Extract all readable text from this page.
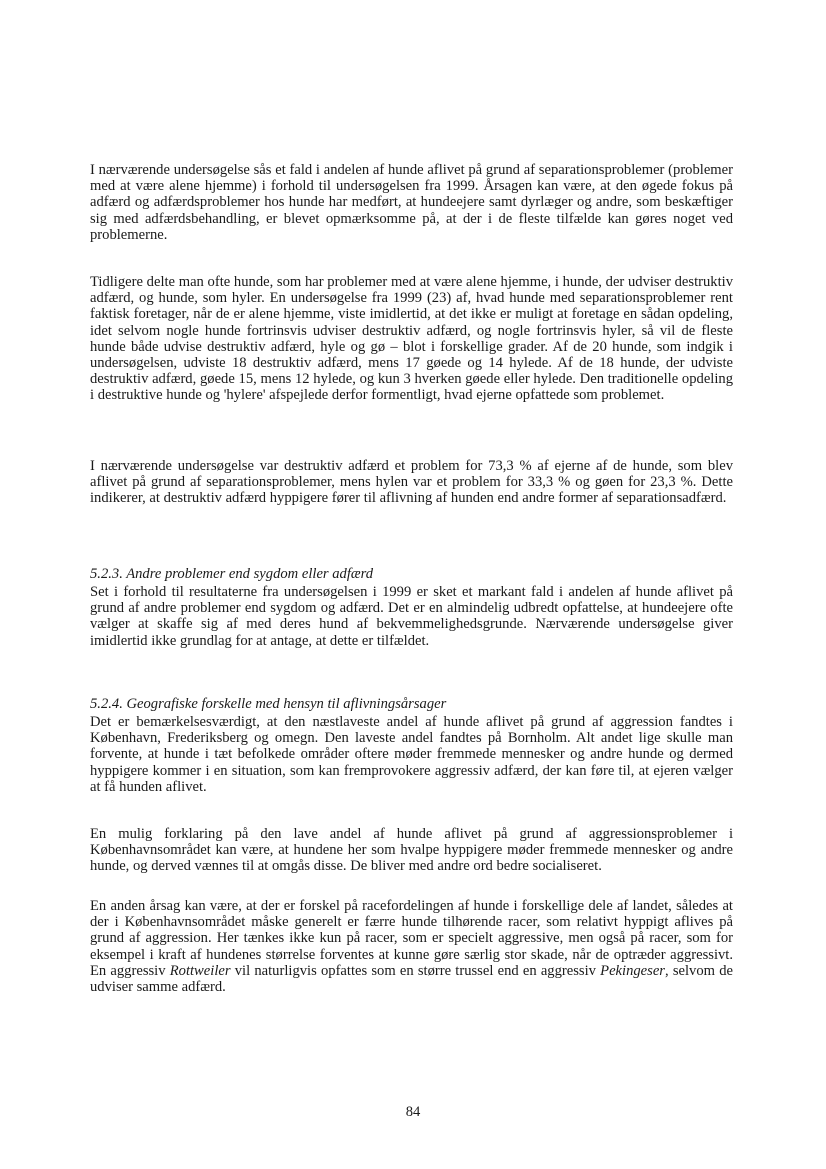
I nærværende undersøgelse sås et fald i andelen af hunde aflivet på grund af separationsproblemer (problemer med at være alene hjemme) i forhold til undersøgelsen fra 1999. Årsagen kan være, at den øgede fokus på adfærd og adfærdsproblemer hos hunde har medført, at hundeejere samt dyrlæger og andre, som beskæftiger sig med adfærdsbehandling, er blevet opmærksomme på, at der i de fleste tilfælde kan gøres noget ved problemerne.

Tidligere delte man ofte hunde, som har problemer med at være alene hjemme, i hunde, der udviser destruktiv adfærd, og hunde, som hyler. En undersøgelse fra 1999 (23) af, hvad hunde med separationsproblemer rent faktisk foretager, når de er alene hjemme, viste imidlertid, at det ikke er muligt at foretage en sådan opdeling, idet selvom nogle hunde fortrinsvis udviser destruktiv adfærd, og nogle fortrinsvis hyler, så vil de fleste hunde både udvise destruktiv adfærd, hyle og gø – blot i forskellige grader. Af de 20 hunde, som indgik i undersøgelsen, udviste 18 destruktiv adfærd, mens 17 gøede og 14 hylede. Af de 18 hunde, der udviste destruktiv adfærd, gøede 15, mens 12 hylede, og kun 3 hverken gøede eller hylede. Den traditionelle opdeling i destruktive hunde og 'hylere' afspejlede derfor formentligt, hvad ejerne opfattede som problemet.

I nærværende undersøgelse var destruktiv adfærd et problem for 73,3 % af ejerne af de hunde, som blev aflivet på grund af separationsproblemer, mens hylen var et problem for 33,3 % og gøen for 23,3 %. Dette indikerer, at destruktiv adfærd hyppigere fører til aflivning af hunden end andre former af separationsadfærd.

5.2.3. Andre problemer end sygdom eller adfærd

Set i forhold til resultaterne fra undersøgelsen i 1999 er sket et markant fald i andelen af hunde aflivet på grund af andre problemer end sygdom og adfærd. Det er en almindelig udbredt opfattelse, at hundeejere ofte vælger at skaffe sig af med deres hund af bekvemmelighedsgrunde. Nærværende undersøgelse giver imidlertid ikke grundlag for at antage, at dette er tilfældet.

5.2.4. Geografiske forskelle med hensyn til aflivningsårsager

Det er bemærkelsesværdigt, at den næstlaveste andel af hunde aflivet på grund af aggression fandtes i København, Frederiksberg og omegn. Den laveste andel fandtes på Bornholm. Alt andet lige skulle man forvente, at hunde i tæt befolkede områder oftere møder fremmede mennesker og andre hunde og dermed hyppigere kommer i en situation, som kan fremprovokere aggressiv adfærd, der kan føre til, at ejeren vælger at få hunden aflivet.

En mulig forklaring på den lave andel af hunde aflivet på grund af aggressionsproblemer i Københavnsområdet kan være, at hundene her som hvalpe hyppigere møder fremmede mennesker og andre hunde, og derved vænnes til at omgås disse. De bliver med andre ord bedre socialiseret.

En anden årsag kan være, at der er forskel på racefordelingen af hunde i forskellige dele af landet, således at der i Københavnsområdet måske generelt er færre hunde tilhørende racer, som relativt hyppigt aflives på grund af aggression. Her tænkes ikke kun på racer, som er specielt aggressive, men også på racer, som for eksempel i kraft af hundenes størrelse forventes at kunne gøre særlig stor skade, når de optræder aggressivt. En aggressiv Rottweiler vil naturligvis opfattes som en større trussel end en aggressiv Pekingeser, selvom de udviser samme adfærd.

84
